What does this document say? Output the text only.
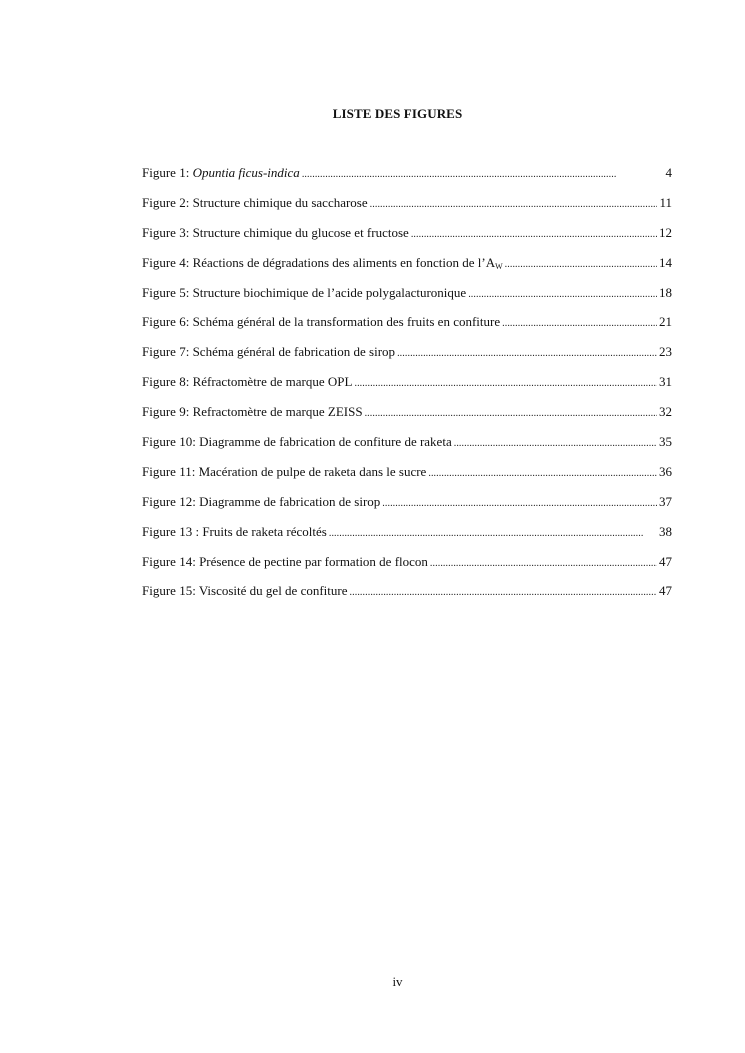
LISTE DES FIGURES
Figure 1: Opuntia ficus-indica . . .	4
Figure 2: Structure chimique du saccharose . . .	11
Figure 3: Structure chimique du glucose et fructose . . .	12
Figure 4: Réactions de dégradations des aliments en fonction de $l’A_W$ . . .	14
Figure 5: Structure biochimique de l’acide polygalacturonique . . .	18
Figure 6: Schéma général de la transformation des fruits en confiture . . .	21
Figure 7: Schéma général de fabrication de sirop . . .	23
Figure 8: Réfractomètre de marque OPL . . .	31
Figure 9: Refractomètre de marque ZEISS . . .	32
Figure 10: Diagramme de fabrication de confiture de raketa . . .	35
Figure 11: Macération de pulpe de raketa dans le sucre . . .	36
Figure 12: Diagramme de fabrication de sirop . . .	37
Figure 13 : Fruits de raketa récoltés . . .	38
Figure 14: Présence de pectine par formation de flocon . . .	47
Figure 15: Viscosité du gel de confiture . . .	47
iv
